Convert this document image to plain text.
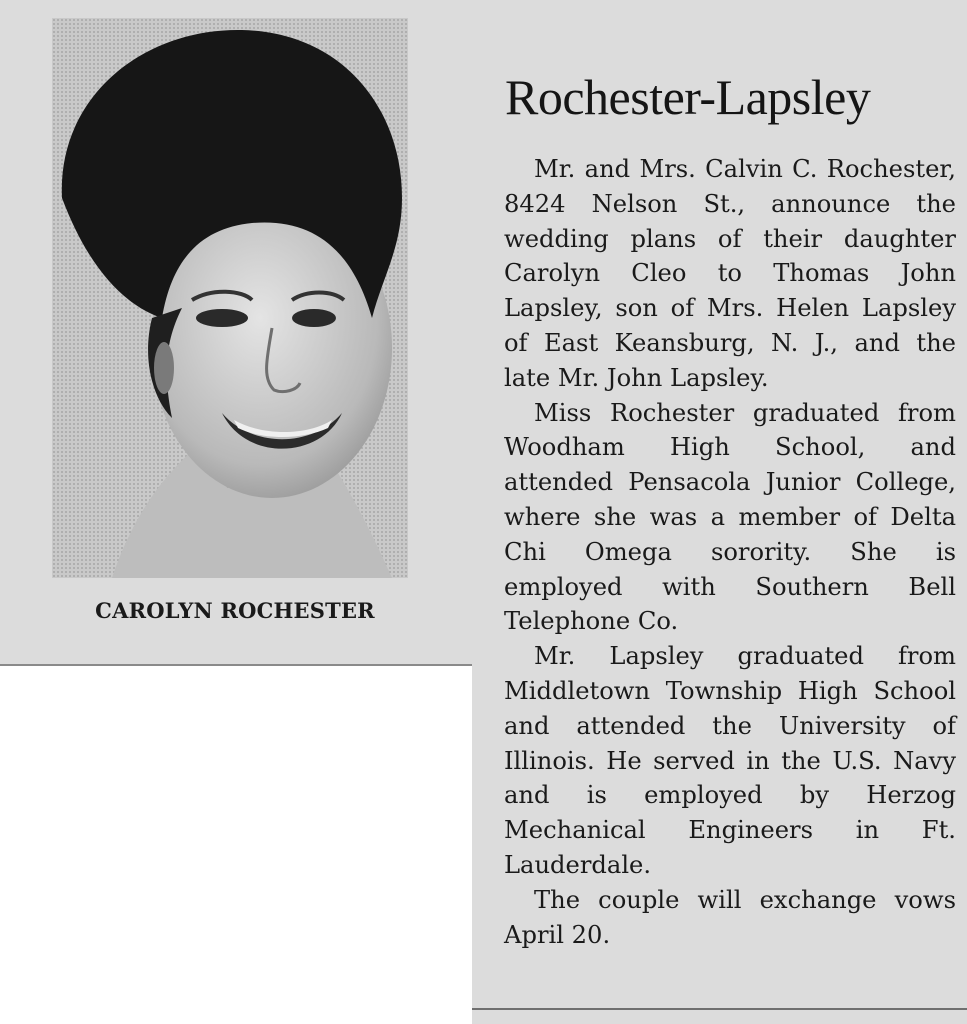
CAROLYN ROCHESTER
Rochester-Lapsley

Mr. and Mrs. Calvin C. Rochester, 8424 Nelson St., announce the wedding plans of their daughter Carolyn Cleo to Thomas John Lapsley, son of Mrs. Helen Lapsley of East Keansburg, N. J., and the late Mr. John Lapsley.

Miss Rochester graduated from Woodham High School, and attended Pensacola Junior College, where she was a member of Delta Chi Omega sorority. She is employed with Southern Bell Telephone Co.

Mr. Lapsley graduated from Middletown Township High School and attended the University of Illinois. He served in the U.S. Navy and is employed by Herzog Mechanical Engineers in Ft. Lauderdale.

The couple will exchange vows April 20.
